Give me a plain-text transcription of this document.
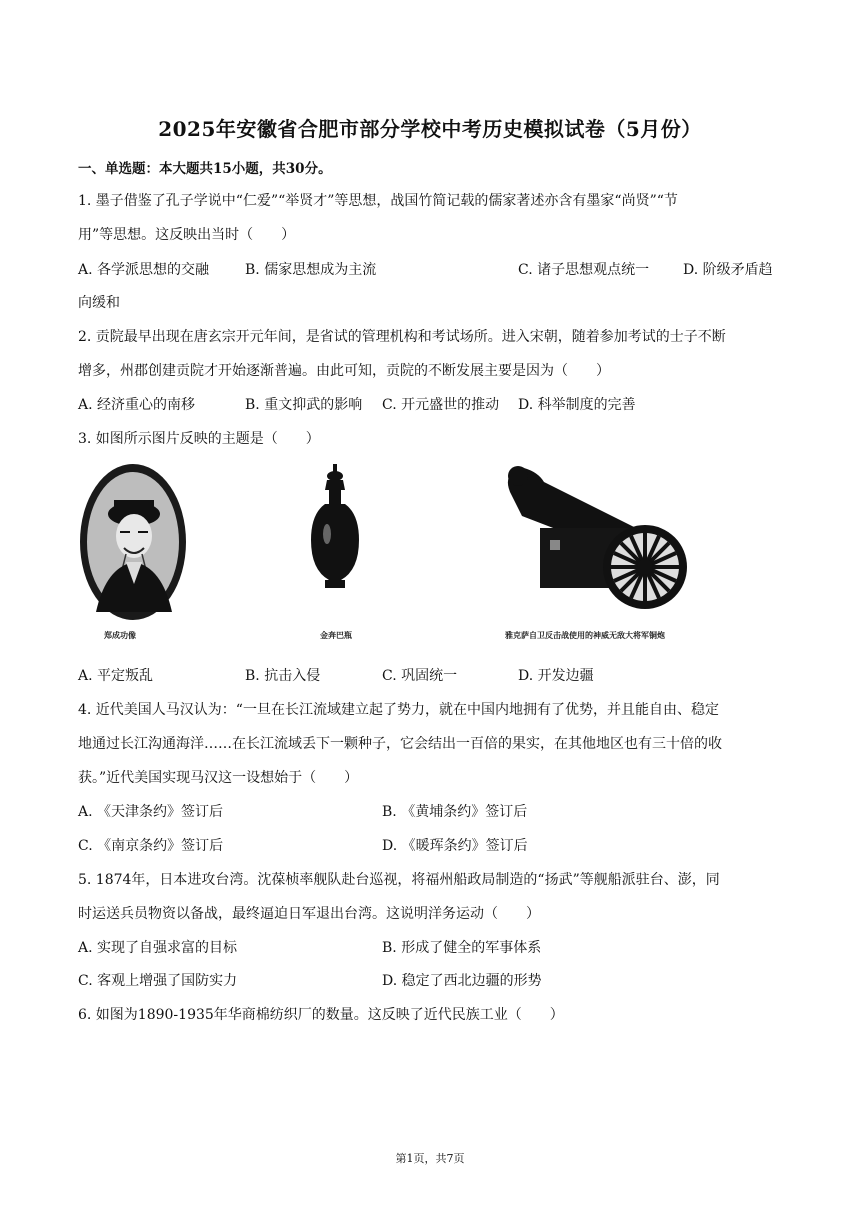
2025年安徽省合肥市部分学校中考历史模拟试卷（5月份）
一、单选题：本大题共15小题，共30分。
1. 墨子借鉴了孔子学说中“仁爱”“举贤才”等思想，战国竹简记载的儒家著述亦含有墨家“尚贤”“节
用”等思想。这反映出当时（　　）
A. 各学派思想的交融	B. 儒家思想成为主流	C. 诸子思想观点统一 D. 阶级矛盾趋
向缓和
2. 贡院最早出现在唐玄宗开元年间，是省试的管理机构和考试场所。进入宋朝，随着参加考试的士子不断
增多，州郡创建贡院才开始逐渐普遍。由此可知，贡院的不断发展主要是因为（　　）
A. 经济重心的南移	B. 重文抑武的影响 C. 开元盛世的推动 D. 科举制度的完善
3. 如图所示图片反映的主题是（　　）
郑成功像	金奔巴瓶	雅克萨自卫反击战使用的神威无敌大将军铜炮
A. 平定叛乱	B. 抗击入侵	C. 巩固统一	D. 开发边疆
4. 近代美国人马汉认为：“一旦在长江流域建立起了势力，就在中国内地拥有了优势，并且能自由、稳定
地通过长江沟通海洋……在长江流域丢下一颗种子，它会结出一百倍的果实，在其他地区也有三十倍的收
获。”近代美国实现马汉这一设想始于（　　）
A. 《天津条约》签订后	B. 《黄埔条约》签订后
C. 《南京条约》签订后	D. 《暖珲条约》签订后
5. 1874年，日本进攻台湾。沈葆桢率舰队赴台巡视，将福州船政局制造的“扬武”等舰船派驻台、澎，同
时运送兵员物资以备战，最终逼迫日军退出台湾。这说明洋务运动（　　）
A. 实现了自强求富的目标	B. 形成了健全的军事体系
C. 客观上增强了国防实力	D. 稳定了西北边疆的形势
6. 如图为1890-1935年华商棉纺织厂的数量。这反映了近代民族工业（　　）
第1页，共7页
